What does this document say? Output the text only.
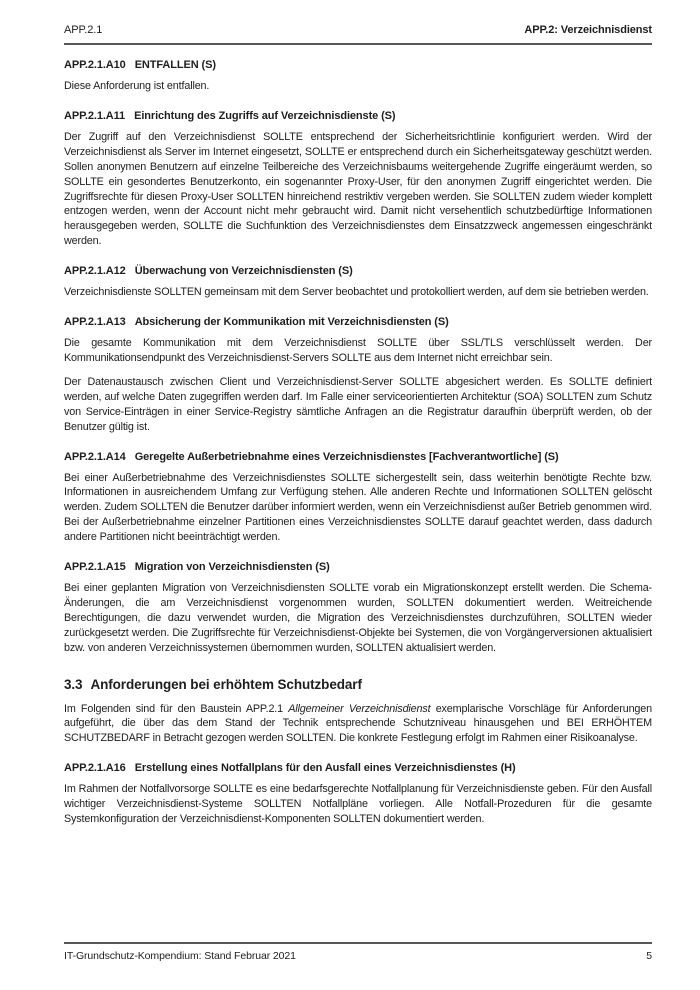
APP.2.1	APP.2: Verzeichnisdienst
APP.2.1.A10 ENTFALLEN (S)

Diese Anforderung ist entfallen.

APP.2.1.A11 Einrichtung des Zugriffs auf Verzeichnisdienste (S)

Der Zugriff auf den Verzeichnisdienst SOLLTE entsprechend der Sicherheitsrichtlinie konfiguriert werden. Wird der Verzeichnisdienst als Server im Internet eingesetzt, SOLLTE er entsprechend durch ein Sicherheitsgateway geschützt werden. Sollen anonymen Benutzern auf einzelne Teilbereiche des Verzeichnisbaums weitergehende Zugriffe eingeräumt werden, so SOLLTE ein gesondertes Benutzerkonto, ein sogenannter Proxy-User, für den anonymen Zugriff eingerichtet werden. Die Zugriffsrechte für diesen Proxy-User SOLLTEN hinreichend restriktiv vergeben werden. Sie SOLLTEN zudem wieder komplett entzogen werden, wenn der Account nicht mehr gebraucht wird. Damit nicht versehentlich schutzbedürftige Informationen herausgegeben werden, SOLLTE die Suchfunktion des Verzeichnisdienstes dem Einsatzzweck angemessen eingeschränkt werden.

APP.2.1.A12 Überwachung von Verzeichnisdiensten (S)

Verzeichnisdienste SOLLTEN gemeinsam mit dem Server beobachtet und protokolliert werden, auf dem sie betrieben werden.

APP.2.1.A13 Absicherung der Kommunikation mit Verzeichnisdiensten (S)

Die gesamte Kommunikation mit dem Verzeichnisdienst SOLLTE über SSL/TLS verschlüsselt werden. Der Kommunikationsendpunkt des Verzeichnisdienst-Servers SOLLTE aus dem Internet nicht erreichbar sein.

Der Datenaustausch zwischen Client und Verzeichnisdienst-Server SOLLTE abgesichert werden. Es SOLLTE definiert werden, auf welche Daten zugegriffen werden darf. Im Falle einer serviceorientierten Architektur (SOA) SOLLTEN zum Schutz von Service-Einträgen in einer Service-Registry sämtliche Anfragen an die Registratur daraufhin überprüft werden, ob der Benutzer gültig ist.

APP.2.1.A14 Geregelte Außerbetriebnahme eines Verzeichnisdienstes [Fachverantwortliche] (S)

Bei einer Außerbetriebnahme des Verzeichnisdienstes SOLLTE sichergestellt sein, dass weiterhin benötigte Rechte bzw. Informationen in ausreichendem Umfang zur Verfügung stehen. Alle anderen Rechte und Informationen SOLLTEN gelöscht werden. Zudem SOLLTEN die Benutzer darüber informiert werden, wenn ein Verzeichnisdienst außer Betrieb genommen wird. Bei der Außerbetriebnahme einzelner Partitionen eines Verzeichnisdienstes SOLLTE darauf geachtet werden, dass dadurch andere Partitionen nicht beeinträchtigt werden.

APP.2.1.A15 Migration von Verzeichnisdiensten (S)

Bei einer geplanten Migration von Verzeichnisdiensten SOLLTE vorab ein Migrationskonzept erstellt werden. Die Schema-Änderungen, die am Verzeichnisdienst vorgenommen wurden, SOLLTEN dokumentiert werden. Weitreichende Berechtigungen, die dazu verwendet wurden, die Migration des Verzeichnisdienstes durchzuführen, SOLLTEN wieder zurückgesetzt werden. Die Zugriffsrechte für Verzeichnisdienst-Objekte bei Systemen, die von Vorgängerversionen aktualisiert bzw. von anderen Verzeichnissystemen übernommen wurden, SOLLTEN aktualisiert werden.

3.3 Anforderungen bei erhöhtem Schutzbedarf

Im Folgenden sind für den Baustein APP.2.1 Allgemeiner Verzeichnisdienst exemplarische Vorschläge für Anforderungen aufgeführt, die über das dem Stand der Technik entsprechende Schutzniveau hinausgehen und BEI ERHÖHTEM SCHUTZBEDARF in Betracht gezogen werden SOLLTEN. Die konkrete Festlegung erfolgt im Rahmen einer Risikoanalyse.

APP.2.1.A16 Erstellung eines Notfallplans für den Ausfall eines Verzeichnisdienstes (H)

Im Rahmen der Notfallvorsorge SOLLTE es eine bedarfsgerechte Notfallplanung für Verzeichnisdienste geben. Für den Ausfall wichtiger Verzeichnisdienst-Systeme SOLLTEN Notfallpläne vorliegen. Alle Notfall-Prozeduren für die gesamte Systemkonfiguration der Verzeichnisdienst-Komponenten SOLLTEN dokumentiert werden.

IT-Grundschutz-Kompendium: Stand Februar 2021	5
